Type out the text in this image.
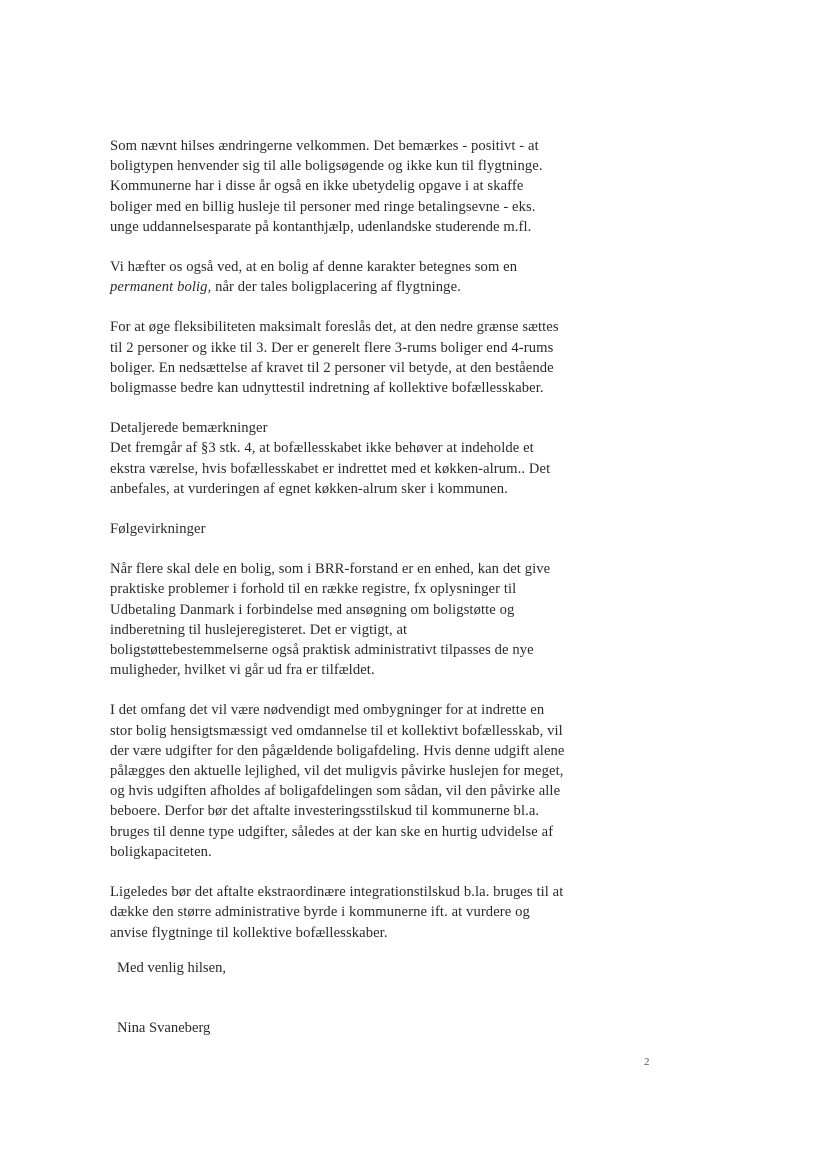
Som nævnt hilses ændringerne velkommen. Det bemærkes - positivt - at
boligtypen henvender sig til alle boligsøgende og ikke kun til flygtninge.
Kommunerne har i disse år også en ikke ubetydelig opgave i at skaffe
boliger med en billig husleje til personer med ringe betalingsevne - eks.
unge uddannelsesparate på kontanthjælp, udenlandske studerende m.fl.

Vi hæfter os også ved, at en bolig af denne karakter betegnes som en
permanent bolig, når der tales boligplacering af flygtninge.

For at øge fleksibiliteten maksimalt foreslås det, at den nedre grænse sættes
til 2 personer og ikke til 3. Der er generelt flere 3-rums boliger end 4-rums
boliger. En nedsættelse af kravet til 2 personer vil betyde, at den bestående
boligmasse bedre kan udnyttestil indretning af kollektive bofællesskaber.

Detaljerede bemærkninger
Det fremgår af §3 stk. 4, at bofællesskabet ikke behøver at indeholde et
ekstra værelse, hvis bofællesskabet er indrettet med et køkken-alrum.. Det
anbefales, at vurderingen af egnet køkken-alrum sker i kommunen.

Følgevirkninger

Når flere skal dele en bolig, som i BRR-forstand er en enhed, kan det give
praktiske problemer i forhold til en række registre, fx oplysninger til
Udbetaling Danmark i forbindelse med ansøgning om boligstøtte og
indberetning til huslejeregisteret. Det er vigtigt, at
boligstøttebestemmelserne også praktisk administrativt tilpasses de nye
muligheder, hvilket vi går ud fra er tilfældet.

I det omfang det vil være nødvendigt med ombygninger for at indrette en
stor bolig hensigtsmæssigt ved omdannelse til et kollektivt bofællesskab, vil
der være udgifter for den pågældende boligafdeling. Hvis denne udgift alene
pålægges den aktuelle lejlighed, vil det muligvis påvirke huslejen for meget,
og hvis udgiften afholdes af boligafdelingen som sådan, vil den påvirke alle
beboere. Derfor bør det aftalte investeringsstilskud til kommunerne bl.a.
bruges til denne type udgifter, således at der kan ske en hurtig udvidelse af
boligkapaciteten.

Ligeledes bør det aftalte ekstraordinære integrationstilskud b.la. bruges til at
dække den større administrative byrde i kommunerne ift. at vurdere og
anvise flygtninge til kollektive bofællesskaber.

Med venlig hilsen,

Nina Svaneberg

2
